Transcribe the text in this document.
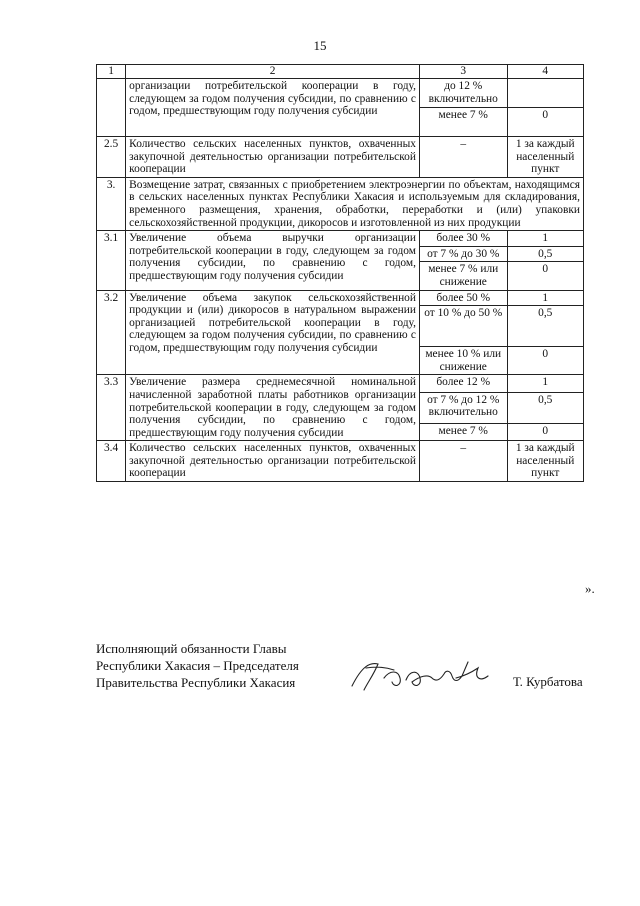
15
1	2	3	4
	организации потребительской кооперации в году, следующем за годом получения субсидии, по сравнению с годом, предшествующим году получения субсидии	до 12 % включительно	
		менее 7 %	0
2.5	Количество сельских населенных пунктов, охваченных закупочной деятельностью организации потребительской кооперации	–	1 за каждый населенный пункт
3.	Возмещение затрат, связанных с приобретением электроэнергии по объектам, находящимся в сельских населенных пунктах Республики Хакасия и используемым для складирования, временного размещения, хранения, обработки, переработки и (или) упаковки сельскохозяйственной продукции, дикоросов и изготовленной из них продукции		
3.1	Увеличение объема выручки организации потребительской кооперации в году, следующем за годом получения субсидии, по сравнению с годом, предшествующим году получения субсидии	более 30 %	1
		от 7 % до 30 %	0,5
		менее 7 % или снижение	0
3.2	Увеличение объема закупок сельскохозяйственной продукции и (или) дикоросов в натуральном выражении организацией потребительской кооперации в году, следующем за годом получения субсидии, по сравнению с годом, предшествующим году получения субсидии	более 50 %	1
		от 10 % до 50 %	0,5
		менее 10 % или снижение	0
3.3	Увеличение размера среднемесячной номинальной начисленной заработной платы работников организации потребительской кооперации в году, следующем за годом получения субсидии, по сравнению с годом, предшествующим году получения субсидии	более 12 %	1
		от 7 % до 12 % включительно	0,5
		менее 7 %	0
3.4	Количество сельских населенных пунктов, охваченных закупочной деятельностью организации потребительской кооперации	–	1 за каждый населенный пункт
».
Исполняющий обязанности Главы
Республики Хакасия – Председателя
Правительства Республики Хакасия	Т. Курбатова
